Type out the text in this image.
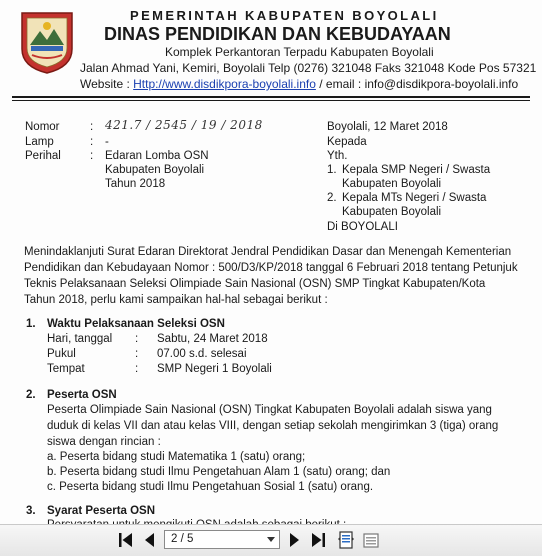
PEMERINTAH KABUPATEN BOYOLALI
DINAS PENDIDIKAN DAN KEBUDAYAAN
Komplek Perkantoran Terpadu Kabupaten Boyolali
Jalan Ahmad Yani, Kemiri, Boyolali Telp (0276) 321048 Faks 321048 Kode Pos 57321
Website : Http://www.disdikpora-boyolali.info / email : info@disdikpora-boyolali.info
Nomor	: 421.7 / 2545 / 19 / 2018
Lamp	: -
Perihal	: Edaran Lomba OSN
Kabupaten Boyolali
Tahun 2018
Boyolali, 12 Maret 2018
Kepada
Yth.
1. Kepala SMP Negeri / Swasta
Kabupaten Boyolali
2. Kepala MTs Negeri / Swasta
Kabupaten Boyolali
Di BOYOLALI
Menindaklanjuti Surat Edaran Direktorat Jendral Pendidikan Dasar dan Menengah Kementerian
Pendidikan dan Kebudayaan Nomor : 500/D3/KP/2018 tanggal 6 Februari 2018 tentang Petunjuk
Teknis Pelaksanaan Seleksi Olimpiade Sain Nasional (OSN) SMP Tingkat Kabupaten/Kota
Tahun 2018, perlu kami sampaikan hal-hal sebagai berikut :
1. Waktu Pelaksanaan Seleksi OSN
Hari, tanggal : Sabtu, 24 Maret 2018
Pukul	: 07.00 s.d. selesai
Tempat	: SMP Negeri 1 Boyolali
2. Peserta OSN
Peserta Olimpiade Sain Nasional (OSN) Tingkat Kabupaten Boyolali adalah siswa yang
duduk di kelas VII dan atau kelas VIII, dengan setiap sekolah mengirimkan 3 (tiga) orang
siswa dengan rincian :
a. Peserta bidang studi Matematika 1 (satu) orang;
b. Peserta bidang studi Ilmu Pengetahuan Alam 1 (satu) orang; dan
c. Peserta bidang studi Ilmu Pengetahuan Sosial 1 (satu) orang.
3. Syarat Peserta OSN
2 / 5
